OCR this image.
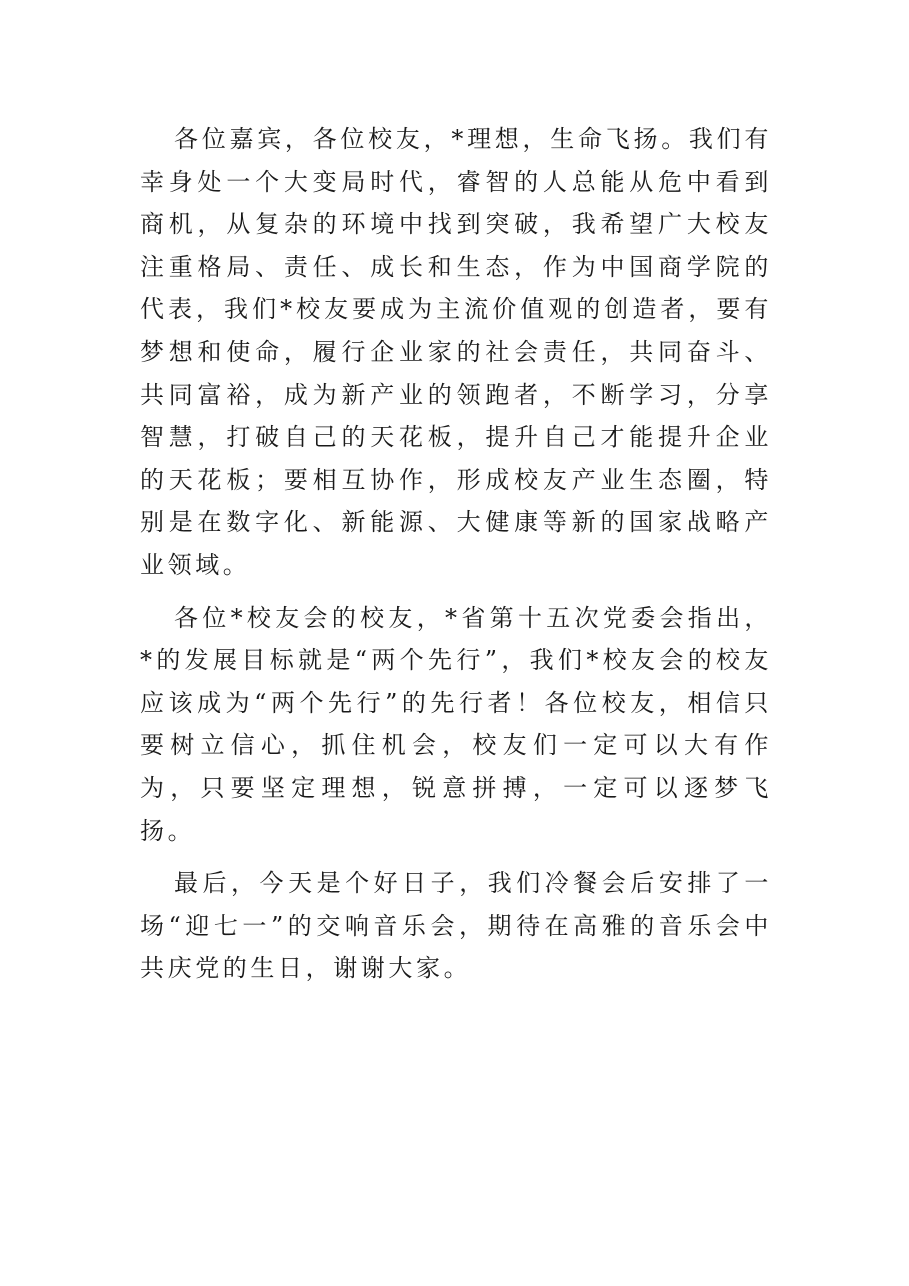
各位嘉宾，各位校友，*理想，生命飞扬。我们有幸身处一个大变局时代，睿智的人总能从危中看到商机，从复杂的环境中找到突破，我希望广大校友注重格局、责任、成长和生态，作为中国商学院的代表，我们*校友要成为主流价值观的创造者，要有梦想和使命，履行企业家的社会责任，共同奋斗、共同富裕，成为新产业的领跑者，不断学习，分享智慧，打破自己的天花板，提升自己才能提升企业的天花板；要相互协作，形成校友产业生态圈，特别是在数字化、新能源、大健康等新的国家战略产业领域。

各位*校友会的校友，*省第十五次党委会指出，*的发展目标就是“两个先行”，我们*校友会的校友应该成为“两个先行”的先行者！各位校友，相信只要树立信心，抓住机会，校友们一定可以大有作为，只要坚定理想，锐意拼搏，一定可以逐梦飞扬。

最后，今天是个好日子，我们冷餐会后安排了一场“迎七一”的交响音乐会，期待在高雅的音乐会中共庆党的生日，谢谢大家。
